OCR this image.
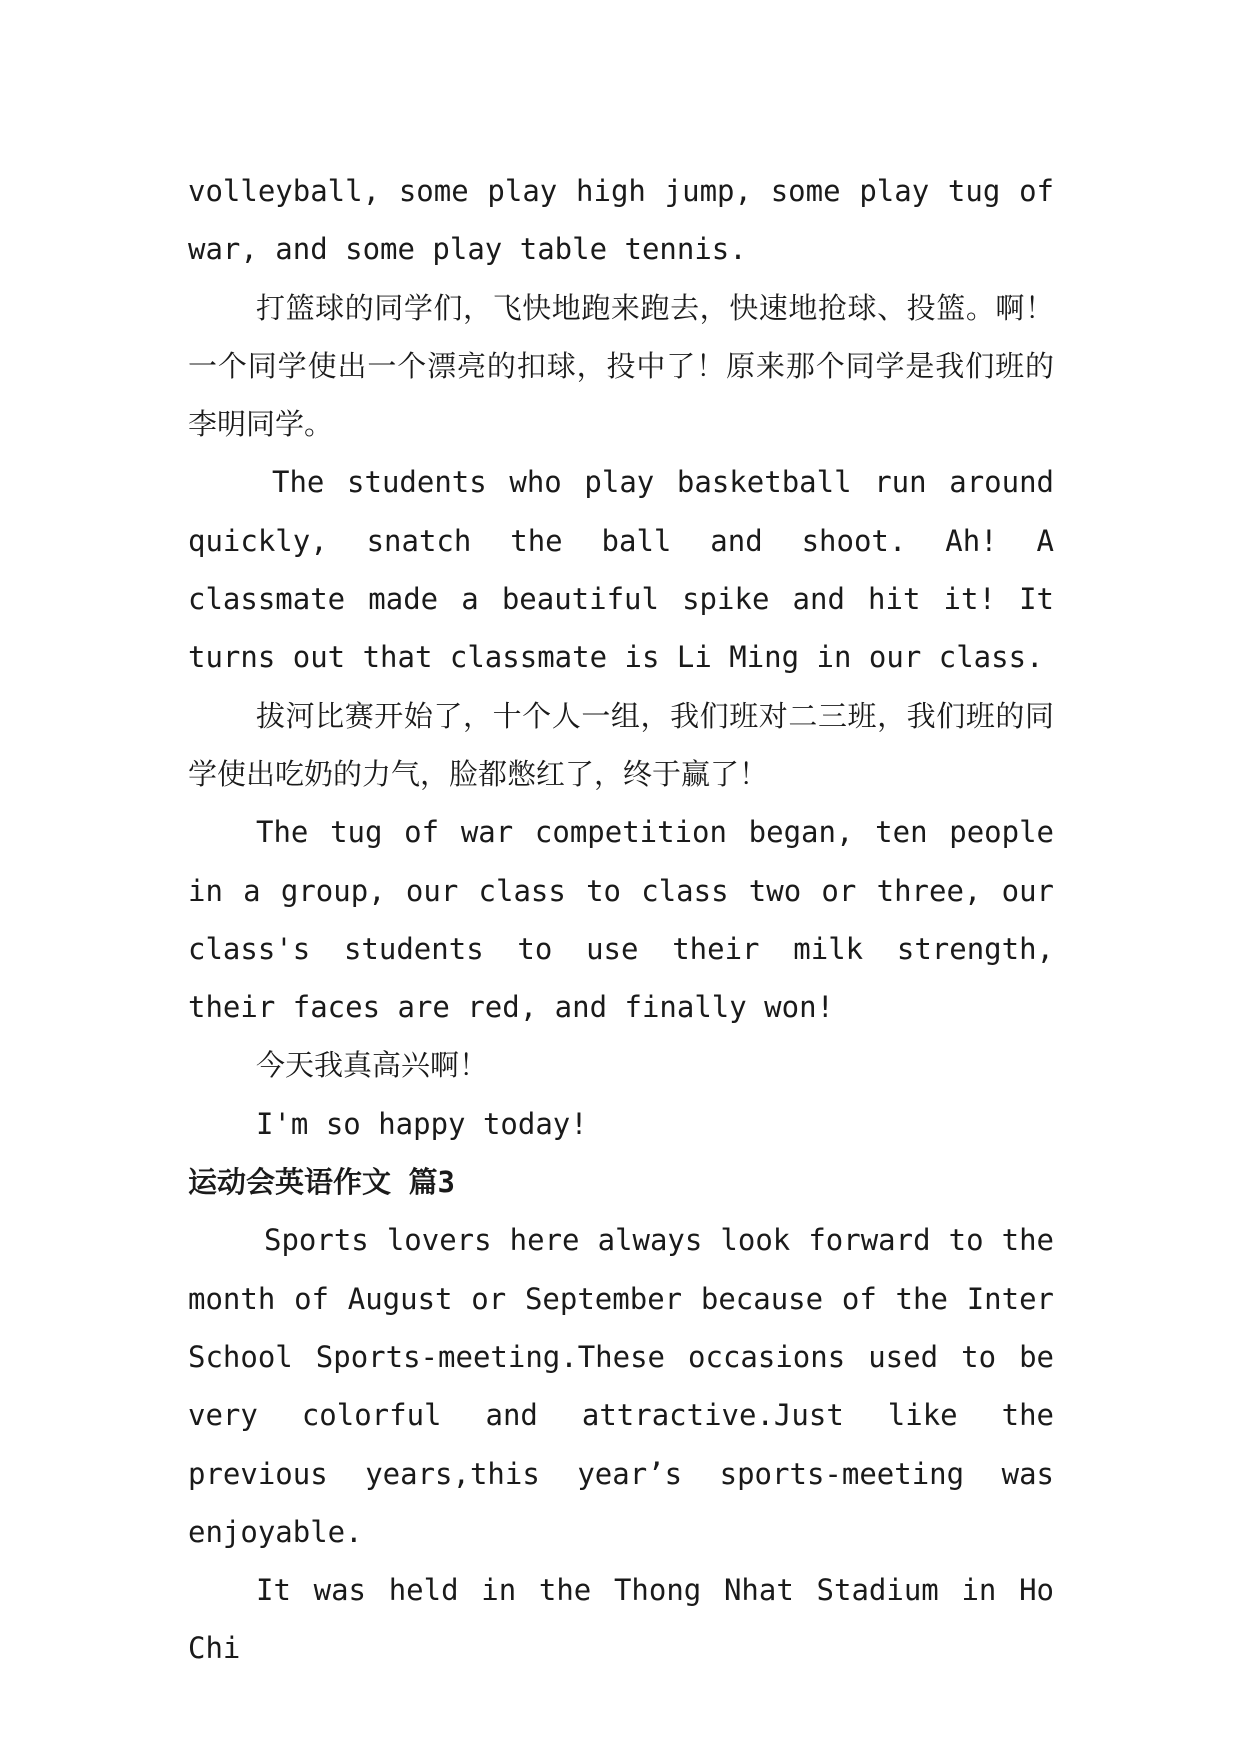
volleyball, some play high jump, some play tug of war, and some play table tennis.

打篮球的同学们，飞快地跑来跑去，快速地抢球、投篮。啊！一个同学使出一个漂亮的扣球，投中了！原来那个同学是我们班的李明同学。

The students who play basketball run around quickly, snatch the ball and shoot. Ah! A classmate made a beautiful spike and hit it! It turns out that classmate is Li Ming in our class.

拔河比赛开始了，十个人一组，我们班对二三班，我们班的同学使出吃奶的力气，脸都憋红了，终于赢了！

The tug of war competition began, ten people in a group, our class to class two or three, our class's students to use their milk strength, their faces are red, and finally won!

今天我真高兴啊！

I'm so happy today!

运动会英语作文 篇3

Sports lovers here always look forward to the month of August or September because of the Inter School Sports-meeting.These occasions used to be very colorful and attractive.Just like the previous years,this year’s sports-meeting was enjoyable.

It was held in the Thong Nhat Stadium in Ho Chi
